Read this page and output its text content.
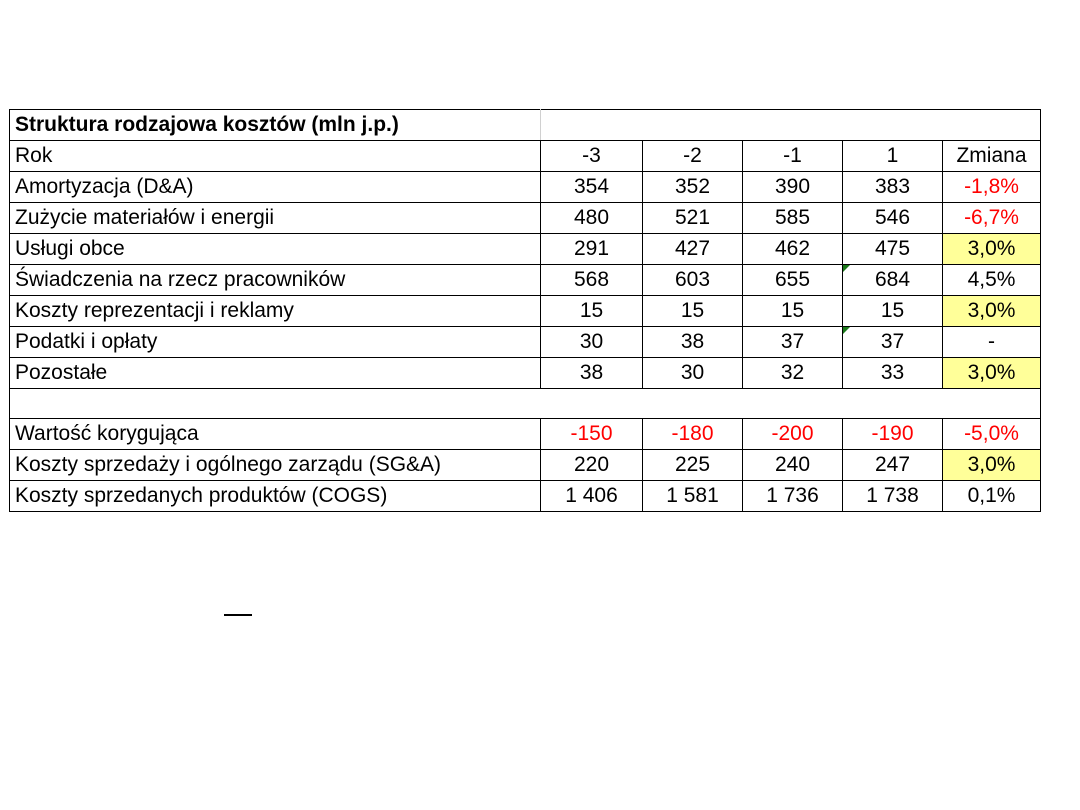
Struktura rodzajowa kosztów (mln j.p.)					
Rok	-3	-2	-1	1	Zmiana
Amortyzacja (D&A)	354	352	390	383	-1,8%
Zużycie materiałów i energii	480	521	585	546	-6,7%
Usługi obce	291	427	462	475	3,0%
Świadczenia na rzecz pracowników	568	603	655	684	4,5%
Koszty reprezentacji i reklamy	15	15	15	15	3,0%
Podatki i opłaty	30	38	37	37	-
Pozostałe	38	30	32	33	3,0%

Wartość korygująca	-150	-180	-200	-190	-5,0%
Koszty sprzedaży i ogólnego zarządu (SG&A)	220	225	240	247	3,0%
Koszty sprzedanych produktów (COGS)	1 406	1 581	1 736	1 738	0,1%
